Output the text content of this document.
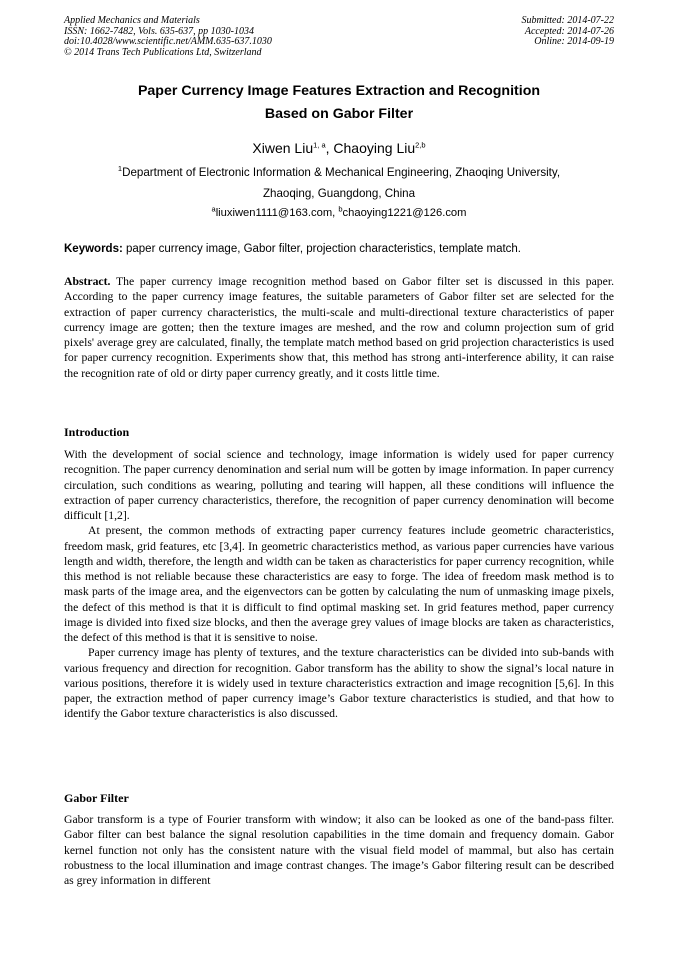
Applied Mechanics and Materials
ISSN: 1662-7482, Vols. 635-637, pp 1030-1034
doi:10.4028/www.scientific.net/AMM.635-637.1030
© 2014 Trans Tech Publications Ltd, Switzerland
Submitted: 2014-07-22
Accepted: 2014-07-26
Online: 2014-09-19
Paper Currency Image Features Extraction and Recognition
Based on Gabor Filter
Xiwen Liu$^{1, a}$, Chaoying Liu$^{2,b}$
$^1$Department of Electronic Information & Mechanical Engineering, Zhaoqing University,
Zhaoqing, Guangdong, China
$^a$liuxiwen1111@163.com, $^b$chaoying1221@126.com
Keywords: paper currency image, Gabor filter, projection characteristics, template match.
Abstract. The paper currency image recognition method based on Gabor filter set is discussed in this paper. According to the paper currency image features, the suitable parameters of Gabor filter set are selected for the extraction of paper currency characteristics, the multi-scale and multi-directional texture characteristics of paper currency image are gotten; then the texture images are meshed, and the row and column projection sum of grid pixels' average grey are calculated, finally, the template match method based on grid projection characteristics is used for paper currency recognition. Experiments show that, this method has strong anti-interference ability, it can raise the recognition rate of old or dirty paper currency greatly, and it costs little time.
Introduction

With the development of social science and technology, image information is widely used for paper currency recognition. The paper currency denomination and serial num will be gotten by image information. In paper currency circulation, such conditions as wearing, polluting and tearing will happen, all these conditions will influence the extraction of paper currency characteristics, therefore, the recognition of paper currency denomination will become difficult [1,2].

At present, the common methods of extracting paper currency features include geometric characteristics, freedom mask, grid features, etc [3,4]. In geometric characteristics method, as various paper currencies have various length and width, therefore, the length and width can be taken as characteristics for paper currency recognition, while this method is not reliable because these characteristics are easy to forge. The idea of freedom mask method is to mask parts of the image area, and the eigenvectors can be gotten by calculating the num of unmasking image pixels, the defect of this method is that it is difficult to find optimal masking set. In grid features method, paper currency image is divided into fixed size blocks, and then the average grey values of image blocks are taken as characteristics, the defect of this method is that it is sensitive to noise.

Paper currency image has plenty of textures, and the texture characteristics can be divided into sub-bands with various frequency and direction for recognition. Gabor transform has the ability to show the signal’s local nature in various positions, therefore it is widely used in texture characteristics extraction and image recognition [5,6]. In this paper, the extraction method of paper currency image’s Gabor texture characteristics is studied, and that how to identify the Gabor texture characteristics is also discussed.

Gabor Filter

Gabor transform is a type of Fourier transform with window; it also can be looked as one of the band-pass filter. Gabor filter can best balance the signal resolution capabilities in the time domain and frequency domain. Gabor kernel function not only has the consistent nature with the visual field model of mammal, but also has certain robustness to the local illumination and image contrast changes. The image’s Gabor filtering result can be described as grey information in different
